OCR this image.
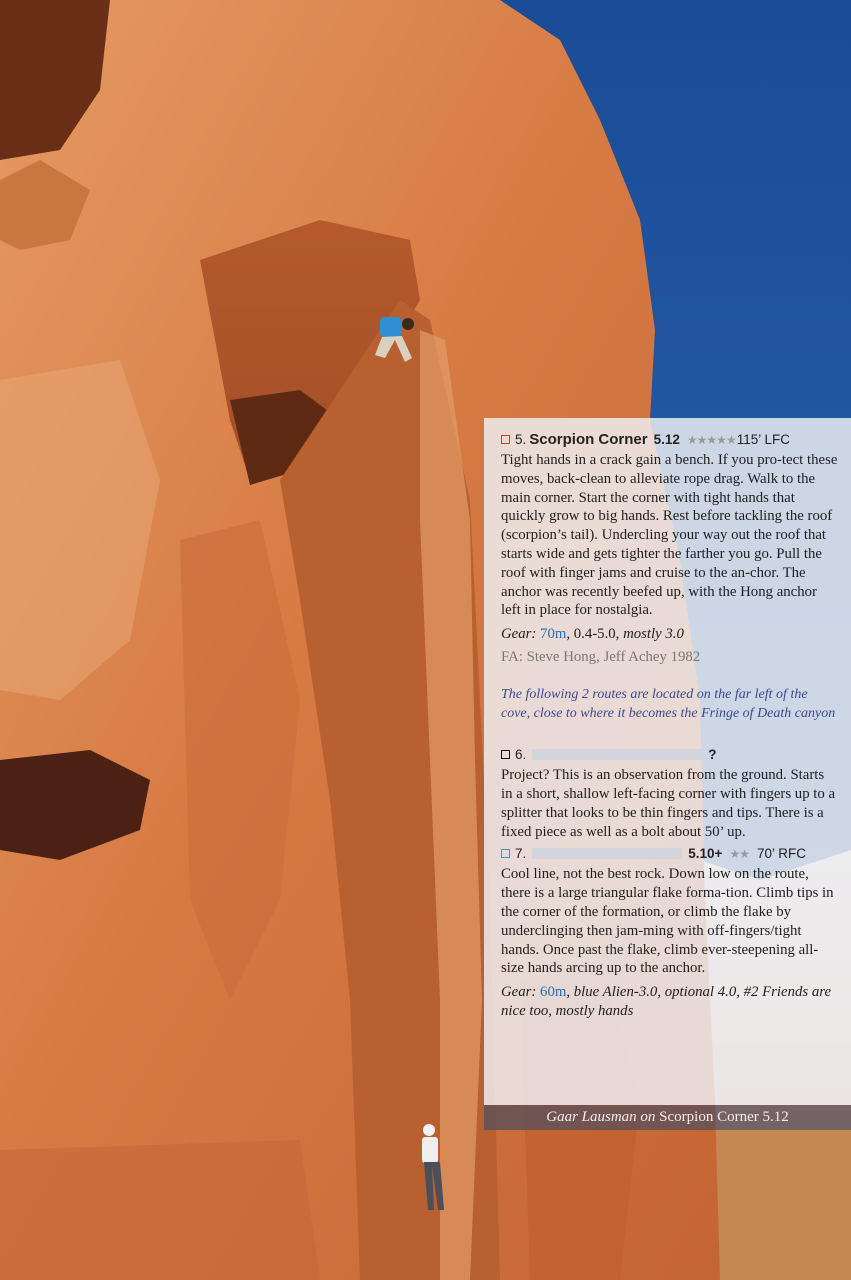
5. Scorpion Corner 5.12 ★★★★★ 115’ LFC

Tight hands in a crack gain a bench. If you pro-tect these moves, back-clean to alleviate rope drag. Walk to the main corner. Start the corner with tight hands that quickly grow to big hands. Rest before tackling the roof (scorpion’s tail). Undercling your way out the roof that starts wide and gets tighter the farther you go. Pull the roof with finger jams and cruise to the an-chor. The anchor was recently beefed up, with the Hong anchor left in place for nostalgia.

Gear: 70m, 0.4-5.0, mostly 3.0
FA: Steve Hong, Jeff Achey 1982
The following 2 routes are located on the far left of the cove, close to where it becomes the Fringe of Death canyon
6.	?

Project? This is an observation from the ground. Starts in a short, shallow left-facing corner with fingers up to a splitter that looks to be thin fingers and tips. There is a fixed piece as well as a bolt about 50’ up.

7.	5.10+ ★★ 70’ RFC

Cool line, not the best rock. Down low on the route, there is a large triangular flake forma-tion. Climb tips in the corner of the formation, or climb the flake by underclinging then jam-ming with off-fingers/tight hands. Once past the flake, climb ever-steepening all-size hands arcing up to the anchor.

Gear: 60m, blue Alien-3.0, optional 4.0, #2 Friends are nice too, mostly hands
Gaar Lausman on Scorpion Corner 5.12
